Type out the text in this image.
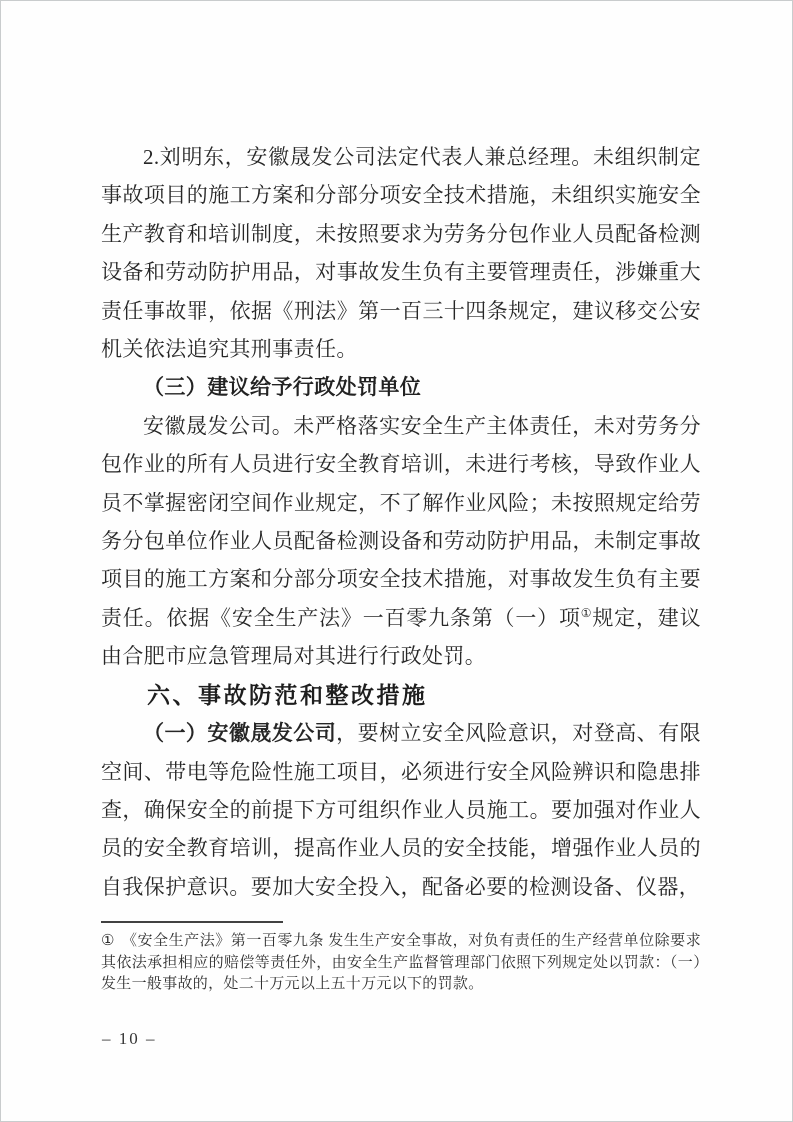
2.刘明东，安徽晟发公司法定代表人兼总经理。未组织制定事故项目的施工方案和分部分项安全技术措施，未组织实施安全生产教育和培训制度，未按照要求为劳务分包作业人员配备检测设备和劳动防护用品，对事故发生负有主要管理责任，涉嫌重大责任事故罪，依据《刑法》第一百三十四条规定，建议移交公安机关依法追究其刑事责任。

（三）建议给予行政处罚单位

安徽晟发公司。未严格落实安全生产主体责任，未对劳务分包作业的所有人员进行安全教育培训，未进行考核，导致作业人员不掌握密闭空间作业规定，不了解作业风险；未按照规定给劳务分包单位作业人员配备检测设备和劳动防护用品，未制定事故项目的施工方案和分部分项安全技术措施，对事故发生负有主要责任。依据《安全生产法》一百零九条第（一）项①规定，建议由合肥市应急管理局对其进行行政处罚。

六、事故防范和整改措施

（一）安徽晟发公司，要树立安全风险意识，对登高、有限空间、带电等危险性施工项目，必须进行安全风险辨识和隐患排查，确保安全的前提下方可组织作业人员施工。要加强对作业人员的安全教育培训，提高作业人员的安全技能，增强作业人员的自我保护意识。要加大安全投入，配备必要的检测设备、仪器，

① 《安全生产法》第一百零九条 发生生产安全事故，对负有责任的生产经营单位除要求其依法承担相应的赔偿等责任外，由安全生产监督管理部门依照下列规定处以罚款：（一）发生一般事故的，处二十万元以上五十万元以下的罚款。

– 10 –
